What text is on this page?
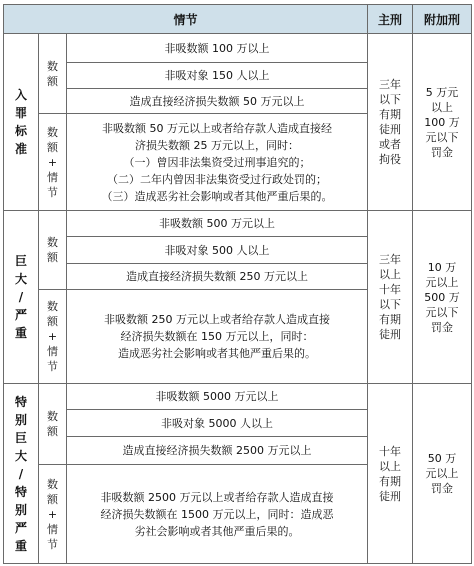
情节	主刑	附加刑
入
罪
标
准
数
额
非吸数额 100 万以上
非吸对象 150 人以上
造成直接经济损失数额 50 万元以上
数
额
+
情
节
非吸数额 50 万元以上或者给存款人造成直接经
济损失数额 25 万元以上，同时：
（一）曾因非法集资受过刑事追究的；
（二）二年内曾因非法集资受过行政处罚的；
（三）造成恶劣社会影响或者其他严重后果的。
三年
以下
有期
徒刑
或者
拘役
5 万元
以上
100 万
元以下
罚金
巨
大
/
严
重
数
额
非吸数额 500 万元以上
非吸对象 500 人以上
造成直接经济损失数额 250 万元以上
数
额
+
情
节
非吸数额 250 万元以上或者给存款人造成直接
经济损失数额在 150 万元以上，同时：
造成恶劣社会影响或者其他严重后果的。
三年
以上
十年
以下
有期
徒刑
10 万
元以上
500 万
元以下
罚金
特
别
巨
大
/
特
别
严
重
数
额
非吸数额 5000 万元以上
非吸对象 5000 人以上
造成直接经济损失数额 2500 万元以上
数
额
+
情
节
非吸数额 2500 万元以上或者给存款人造成直接
经济损失数额在 1500 万元以上，同时：造成恶
劣社会影响或者其他严重后果的。
十年
以上
有期
徒刑
50 万
元以上
罚金
